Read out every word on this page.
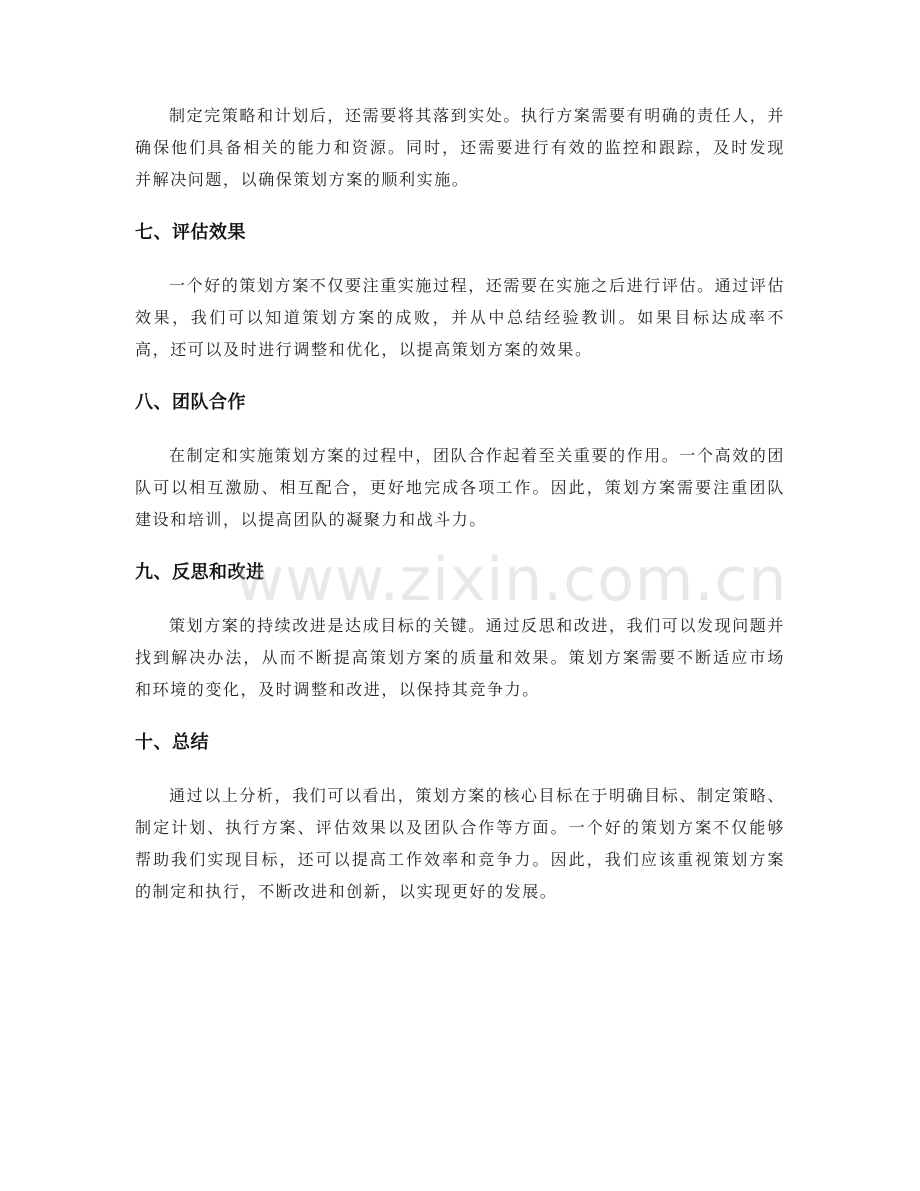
制定完策略和计划后，还需要将其落到实处。执行方案需要有明确的责任人，并确保他们具备相关的能力和资源。同时，还需要进行有效的监控和跟踪，及时发现并解决问题，以确保策划方案的顺利实施。

七、评估效果

一个好的策划方案不仅要注重实施过程，还需要在实施之后进行评估。通过评估效果，我们可以知道策划方案的成败，并从中总结经验教训。如果目标达成率不高，还可以及时进行调整和优化，以提高策划方案的效果。

八、团队合作

在制定和实施策划方案的过程中，团队合作起着至关重要的作用。一个高效的团队可以相互激励、相互配合，更好地完成各项工作。因此，策划方案需要注重团队建设和培训，以提高团队的凝聚力和战斗力。

九、反思和改进

策划方案的持续改进是达成目标的关键。通过反思和改进，我们可以发现问题并找到解决办法，从而不断提高策划方案的质量和效果。策划方案需要不断适应市场和环境的变化，及时调整和改进，以保持其竞争力。

十、总结

通过以上分析，我们可以看出，策划方案的核心目标在于明确目标、制定策略、制定计划、执行方案、评估效果以及团队合作等方面。一个好的策划方案不仅能够帮助我们实现目标，还可以提高工作效率和竞争力。因此，我们应该重视策划方案的制定和执行，不断改进和创新，以实现更好的发展。

www.zixin.com.cn
